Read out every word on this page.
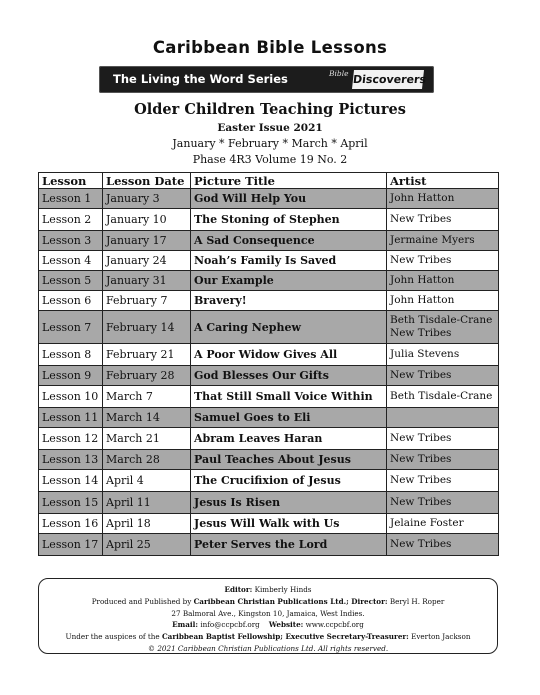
Caribbean Bible Lessons
The Living the Word Series	Bible Discoverers
Older Children Teaching Pictures
Easter Issue 2021
January * February * March * April
Phase 4R3 Volume 19 No. 2
Lesson	Lesson Date	Picture Title	Artist
Lesson 1	January 3	God Will Help You	John Hatton
Lesson 2	January 10	The Stoning of Stephen	New Tribes
Lesson 3	January 17	A Sad Consequence	Jermaine Myers
Lesson 4	January 24	Noah’s Family Is Saved	New Tribes
Lesson 5	January 31	Our Example	John Hatton
Lesson 6	February 7	Bravery!	John Hatton
Lesson 7	February 14	A Caring Nephew	Beth Tisdale-Crane New Tribes
Lesson 8	February 21	A Poor Widow Gives All	Julia Stevens
Lesson 9	February 28	God Blesses Our Gifts	New Tribes
Lesson 10	March 7	That Still Small Voice Within	Beth Tisdale-Crane
Lesson 11	March 14	Samuel Goes to Eli	
Lesson 12	March 21	Abram Leaves Haran	New Tribes
Lesson 13	March 28	Paul Teaches About Jesus	New Tribes
Lesson 14	April 4	The Crucifixion of Jesus	New Tribes
Lesson 15	April 11	Jesus Is Risen	New Tribes
Lesson 16	April 18	Jesus Will Walk with Us	Jelaine Foster
Lesson 17	April 25	Peter Serves the Lord	New Tribes
Editor: Kimberly Hinds
Produced and Published by Caribbean Christian Publications Ltd.; Director: Beryl H. Roper
27 Balmoral Ave., Kingston 10, Jamaica, West Indies.
Email: info@ccpcbf.org Website: www.ccpcbf.org
Under the auspices of the Caribbean Baptist Fellowship; Executive Secretary-Treasurer: Everton Jackson
© 2021 Caribbean Christian Publications Ltd. All rights reserved.
